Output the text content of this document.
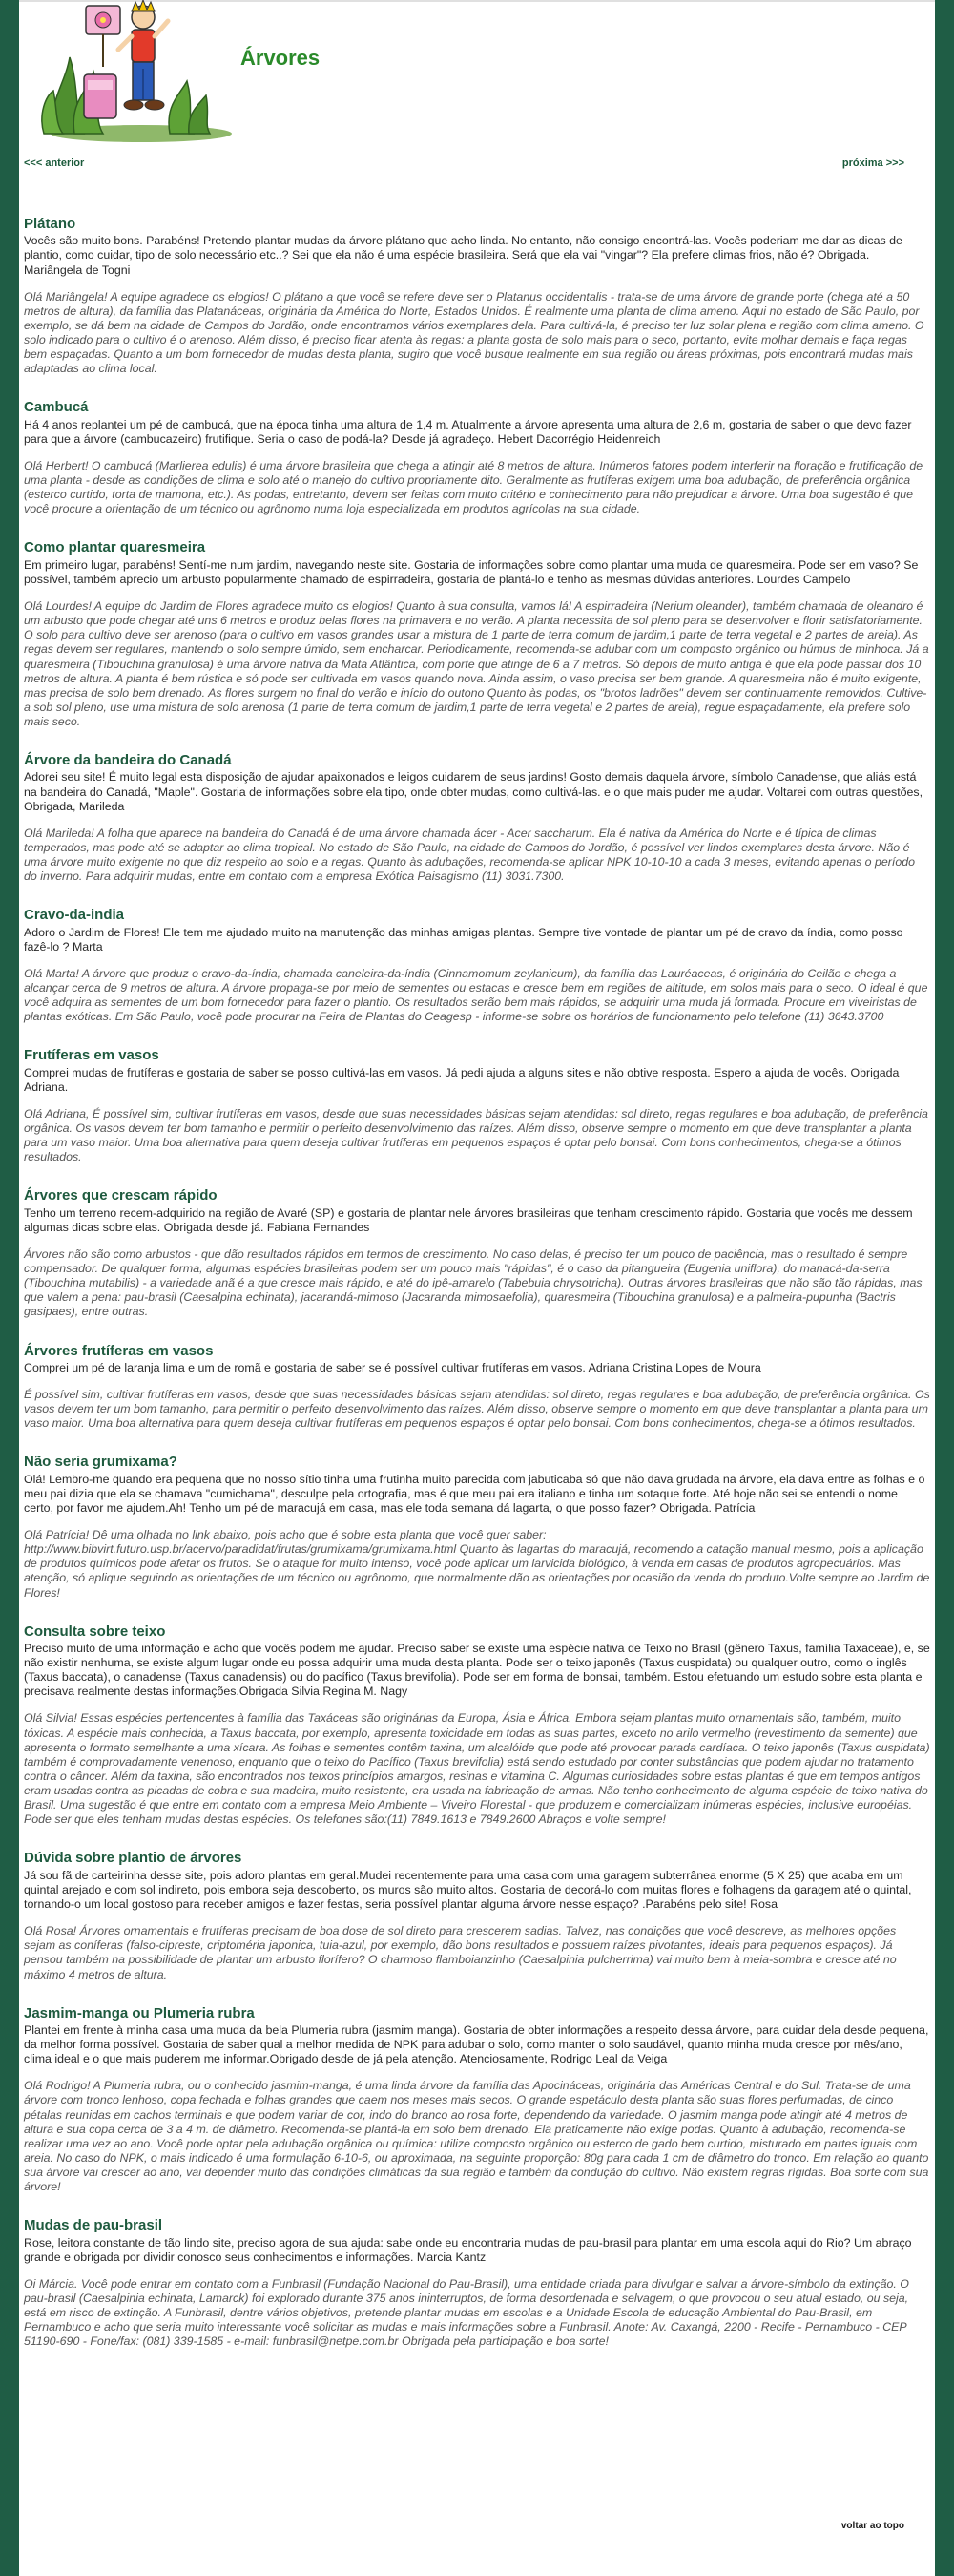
Árvores
<<< anterior	próxima >>>
Plátano

Vocês são muito bons. Parabéns! Pretendo plantar mudas da árvore plátano que acho linda. No entanto, não consigo encontrá-las. Vocês poderiam me dar as dicas de plantio, como cuidar, tipo de solo necessário etc..? Sei que ela não é uma espécie brasileira. Será que ela vai "vingar"? Ela prefere climas frios, não é? Obrigada. Mariângela de Togni

Olá Mariângela! A equipe agradece os elogios! O plátano a que você se refere deve ser o Platanus occidentalis - trata-se de uma árvore de grande porte (chega até a 50 metros de altura), da família das Platanáceas, originária da América do Norte, Estados Unidos. É realmente uma planta de clima ameno. Aqui no estado de São Paulo, por exemplo, se dá bem na cidade de Campos do Jordão, onde encontramos vários exemplares dela. Para cultivá-la, é preciso ter luz solar plena e região com clima ameno. O solo indicado para o cultivo é o arenoso. Além disso, é preciso ficar atenta às regas: a planta gosta de solo mais para o seco, portanto, evite molhar demais e faça regas bem espaçadas. Quanto a um bom fornecedor de mudas desta planta, sugiro que você busque realmente em sua região ou áreas próximas, pois encontrará mudas mais adaptadas ao clima local.

Cambucá

Há 4 anos replantei um pé de cambucá, que na época tinha uma altura de 1,4 m. Atualmente a árvore apresenta uma altura de 2,6 m, gostaria de saber o que devo fazer para que a árvore (cambucazeiro) frutifique. Seria o caso de podá-la? Desde já agradeço. Hebert Dacorrégio Heidenreich

Olá Herbert! O cambucá (Marlierea edulis) é uma árvore brasileira que chega a atingir até 8 metros de altura. Inúmeros fatores podem interferir na floração e frutificação de uma planta - desde as condições de clima e solo até o manejo do cultivo propriamente dito. Geralmente as frutíferas exigem uma boa adubação, de preferência orgânica (esterco curtido, torta de mamona, etc.). As podas, entretanto, devem ser feitas com muito critério e conhecimento para não prejudicar a árvore. Uma boa sugestão é que você procure a orientação de um técnico ou agrônomo numa loja especializada em produtos agrícolas na sua cidade.

Como plantar quaresmeira

Em primeiro lugar, parabéns! Sentí-me num jardim, navegando neste site. Gostaria de informações sobre como plantar uma muda de quaresmeira. Pode ser em vaso? Se possível, também aprecio um arbusto popularmente chamado de espirradeira, gostaria de plantá-lo e tenho as mesmas dúvidas anteriores. Lourdes Campelo

Olá Lourdes! A equipe do Jardim de Flores agradece muito os elogios! Quanto à sua consulta, vamos lá! A espirradeira (Nerium oleander), também chamada de oleandro é um arbusto que pode chegar até uns 6 metros e produz belas flores na primavera e no verão. A planta necessita de sol pleno para se desenvolver e florir satisfatoriamente. O solo para cultivo deve ser arenoso (para o cultivo em vasos grandes usar a mistura de 1 parte de terra comum de jardim,1 parte de terra vegetal e 2 partes de areia). As regas devem ser regulares, mantendo o solo sempre úmido, sem encharcar. Periodicamente, recomenda-se adubar com um composto orgânico ou húmus de minhoca. Já a quaresmeira (Tibouchina granulosa) é uma árvore nativa da Mata Atlântica, com porte que atinge de 6 a 7 metros. Só depois de muito antiga é que ela pode passar dos 10 metros de altura. A planta é bem rústica e só pode ser cultivada em vasos quando nova. Ainda assim, o vaso precisa ser bem grande. A quaresmeira não é muito exigente, mas precisa de solo bem drenado. As flores surgem no final do verão e início do outono Quanto às podas, os "brotos ladrões" devem ser continuamente removidos. Cultive-a sob sol pleno, use uma mistura de solo arenosa (1 parte de terra comum de jardim,1 parte de terra vegetal e 2 partes de areia), regue espaçadamente, ela prefere solo mais seco.

Árvore da bandeira do Canadá

Adorei seu site! É muito legal esta disposição de ajudar apaixonados e leigos cuidarem de seus jardins! Gosto demais daquela árvore, símbolo Canadense, que aliás está na bandeira do Canadá, "Maple". Gostaria de informações sobre ela tipo, onde obter mudas, como cultivá-las. e o que mais puder me ajudar. Voltarei com outras questões, Obrigada, Marileda

Olá Marileda! A folha que aparece na bandeira do Canadá é de uma árvore chamada ácer - Acer saccharum. Ela é nativa da América do Norte e é típica de climas temperados, mas pode até se adaptar ao clima tropical. No estado de São Paulo, na cidade de Campos do Jordão, é possível ver lindos exemplares desta árvore. Não é uma árvore muito exigente no que diz respeito ao solo e a regas. Quanto às adubações, recomenda-se aplicar NPK 10-10-10 a cada 3 meses, evitando apenas o período do inverno. Para adquirir mudas, entre em contato com a empresa Exótica Paisagismo (11) 3031.7300.

Cravo-da-india

Adoro o Jardim de Flores! Ele tem me ajudado muito na manutenção das minhas amigas plantas. Sempre tive vontade de plantar um pé de cravo da índia, como posso fazê-lo ? Marta

Olá Marta! A árvore que produz o cravo-da-índia, chamada caneleira-da-índia (Cinnamomum zeylanicum), da família das Lauréaceas, é originária do Ceilão e chega a alcançar cerca de 9 metros de altura. A árvore propaga-se por meio de sementes ou estacas e cresce bem em regiões de altitude, em solos mais para o seco. O ideal é que você adquira as sementes de um bom fornecedor para fazer o plantio. Os resultados serão bem mais rápidos, se adquirir uma muda já formada. Procure em viveiristas de plantas exóticas. Em São Paulo, você pode procurar na Feira de Plantas do Ceagesp - informe-se sobre os horários de funcionamento pelo telefone (11) 3643.3700

Frutíferas em vasos

Comprei mudas de frutíferas e gostaria de saber se posso cultivá-las em vasos. Já pedi ajuda a alguns sites e não obtive resposta. Espero a ajuda de vocês. Obrigada Adriana.

Olá Adriana, É possível sim, cultivar frutíferas em vasos, desde que suas necessidades básicas sejam atendidas: sol direto, regas regulares e boa adubação, de preferência orgânica. Os vasos devem ter bom tamanho e permitir o perfeito desenvolvimento das raízes. Além disso, observe sempre o momento em que deve transplantar a planta para um vaso maior. Uma boa alternativa para quem deseja cultivar frutíferas em pequenos espaços é optar pelo bonsai. Com bons conhecimentos, chega-se a ótimos resultados.

Árvores que crescam rápido

Tenho um terreno recem-adquirido na região de Avaré (SP) e gostaria de plantar nele árvores brasileiras que tenham crescimento rápido. Gostaria que vocês me dessem algumas dicas sobre elas. Obrigada desde já. Fabiana Fernandes

Árvores não são como arbustos - que dão resultados rápidos em termos de crescimento. No caso delas, é preciso ter um pouco de paciência, mas o resultado é sempre compensador. De qualquer forma, algumas espécies brasileiras podem ser um pouco mais "rápidas", é o caso da pitangueira (Eugenia uniflora), do manacá-da-serra (Tibouchina mutabilis) - a variedade anã é a que cresce mais rápido, e até do ipê-amarelo (Tabebuia chrysotricha). Outras árvores brasileiras que não são tão rápidas, mas que valem a pena: pau-brasil (Caesalpina echinata), jacarandá-mimoso (Jacaranda mimosaefolia), quaresmeira (Tibouchina granulosa) e a palmeira-pupunha (Bactris gasipaes), entre outras.

Árvores frutíferas em vasos

Comprei um pé de laranja lima e um de romã e gostaria de saber se é possível cultivar frutíferas em vasos. Adriana Cristina Lopes de Moura

É possível sim, cultivar frutíferas em vasos, desde que suas necessidades básicas sejam atendidas: sol direto, regas regulares e boa adubação, de preferência orgânica. Os vasos devem ter um bom tamanho, para permitir o perfeito desenvolvimento das raízes. Além disso, observe sempre o momento em que deve transplantar a planta para um vaso maior. Uma boa alternativa para quem deseja cultivar frutíferas em pequenos espaços é optar pelo bonsai. Com bons conhecimentos, chega-se a ótimos resultados.

Não seria grumixama?

Olá! Lembro-me quando era pequena que no nosso sítio tinha uma frutinha muito parecida com jabuticaba só que não dava grudada na árvore, ela dava entre as folhas e o meu pai dizia que ela se chamava "cumichama", desculpe pela ortografia, mas é que meu pai era italiano e tinha um sotaque forte. Até hoje não sei se entendi o nome certo, por favor me ajudem.Ah! Tenho um pé de maracujá em casa, mas ele toda semana dá lagarta, o que posso fazer? Obrigada. Patrícia

Olá Patrícia! Dê uma olhada no link abaixo, pois acho que é sobre esta planta que você quer saber: http://www.bibvirt.futuro.usp.br/acervo/paradidat/frutas/grumixama/grumixama.html Quanto às lagartas do maracujá, recomendo a catação manual mesmo, pois a aplicação de produtos químicos pode afetar os frutos. Se o ataque for muito intenso, você pode aplicar um larvicida biológico, à venda em casas de produtos agropecuários. Mas atenção, só aplique seguindo as orientações de um técnico ou agrônomo, que normalmente dão as orientações por ocasião da venda do produto.Volte sempre ao Jardim de Flores!

Consulta sobre teixo

Preciso muito de uma informação e acho que vocês podem me ajudar. Preciso saber se existe uma espécie nativa de Teixo no Brasil (gênero Taxus, família Taxaceae), e, se não existir nenhuma, se existe algum lugar onde eu possa adquirir uma muda desta planta. Pode ser o teixo japonês (Taxus cuspidata) ou qualquer outro, como o inglês (Taxus baccata), o canadense (Taxus canadensis) ou do pacífico (Taxus brevifolia). Pode ser em forma de bonsai, também. Estou efetuando um estudo sobre esta planta e precisava realmente destas informações.Obrigada Silvia Regina M. Nagy

Olá Silvia! Essas espécies pertencentes à família das Taxáceas são originárias da Europa, Ásia e África. Embora sejam plantas muito ornamentais são, também, muito tóxicas. A espécie mais conhecida, a Taxus baccata, por exemplo, apresenta toxicidade em todas as suas partes, exceto no arilo vermelho (revestimento da semente) que apresenta o formato semelhante a uma xícara. As folhas e sementes contêm taxina, um alcalóide que pode até provocar parada cardíaca. O teixo japonês (Taxus cuspidata) também é comprovadamente venenoso, enquanto que o teixo do Pacífico (Taxus brevifolia) está sendo estudado por conter substâncias que podem ajudar no tratamento contra o câncer. Além da taxina, são encontrados nos teixos princípios amargos, resinas e vitamina C. Algumas curiosidades sobre estas plantas é que em tempos antigos eram usadas contra as picadas de cobra e sua madeira, muito resistente, era usada na fabricação de armas. Não tenho conhecimento de alguma espécie de teixo nativa do Brasil. Uma sugestão é que entre em contato com a empresa Meio Ambiente – Viveiro Florestal - que produzem e comercializam inúmeras espécies, inclusive européias. Pode ser que eles tenham mudas destas espécies. Os telefones são:(11) 7849.1613 e 7849.2600 Abraços e volte sempre!

Dúvida sobre plantio de árvores

Já sou fã de carteirinha desse site, pois adoro plantas em geral.Mudei recentemente para uma casa com uma garagem subterrânea enorme (5 X 25) que acaba em um quintal arejado e com sol indireto, pois embora seja descoberto, os muros são muito altos. Gostaria de decorá-lo com muitas flores e folhagens da garagem até o quintal, tornando-o um local gostoso para receber amigos e fazer festas, seria possível plantar alguma árvore nesse espaço? .Parabéns pelo site! Rosa

Olá Rosa! Árvores ornamentais e frutíferas precisam de boa dose de sol direto para crescerem sadias. Talvez, nas condições que você descreve, as melhores opções sejam as coníferas (falso-cipreste, criptoméria japonica, tuia-azul, por exemplo, dão bons resultados e possuem raízes pivotantes, ideais para pequenos espaços). Já pensou também na possibilidade de plantar um arbusto florífero? O charmoso flamboianzinho (Caesalpinia pulcherrima) vai muito bem à meia-sombra e cresce até no máximo 4 metros de altura.

Jasmim-manga ou Plumeria rubra

Plantei em frente à minha casa uma muda da bela Plumeria rubra (jasmim manga). Gostaria de obter informações a respeito dessa árvore, para cuidar dela desde pequena, da melhor forma possível. Gostaria de saber qual a melhor medida de NPK para adubar o solo, como manter o solo saudável, quanto minha muda cresce por mês/ano, clima ideal e o que mais puderem me informar.Obrigado desde de já pela atenção. Atenciosamente, Rodrigo Leal da Veiga

Olá Rodrigo! A Plumeria rubra, ou o conhecido jasmim-manga, é uma linda árvore da família das Apocináceas, originária das Américas Central e do Sul. Trata-se de uma árvore com tronco lenhoso, copa fechada e folhas grandes que caem nos meses mais secos. O grande espetáculo desta planta são suas flores perfumadas, de cinco pétalas reunidas em cachos terminais e que podem variar de cor, indo do branco ao rosa forte, dependendo da variedade. O jasmim manga pode atingir até 4 metros de altura e sua copa cerca de 3 a 4 m. de diâmetro. Recomenda-se plantá-la em solo bem drenado. Ela praticamente não exige podas. Quanto à adubação, recomenda-se realizar uma vez ao ano. Você pode optar pela adubação orgânica ou química: utilize composto orgânico ou esterco de gado bem curtido, misturado em partes iguais com areia. No caso do NPK, o mais indicado é uma formulação 6-10-6, ou aproximada, na seguinte proporção: 80g para cada 1 cm de diâmetro do tronco. Em relação ao quanto sua árvore vai crescer ao ano, vai depender muito das condições climáticas da sua região e também da condução do cultivo. Não existem regras rígidas. Boa sorte com sua árvore!

Mudas de pau-brasil

Rose, leitora constante de tão lindo site, preciso agora de sua ajuda: sabe onde eu encontraria mudas de pau-brasil para plantar em uma escola aqui do Rio? Um abraço grande e obrigada por dividir conosco seus conhecimentos e informações. Marcia Kantz

Oi Márcia. Você pode entrar em contato com a Funbrasil (Fundação Nacional do Pau-Brasil), uma entidade criada para divulgar e salvar a árvore-símbolo da extinção. O pau-brasil (Caesalpinia echinata, Lamarck) foi explorado durante 375 anos ininterruptos, de forma desordenada e selvagem, o que provocou o seu atual estado, ou seja, está em risco de extinção. A Funbrasil, dentre vários objetivos, pretende plantar mudas em escolas e a Unidade Escola de educação Ambiental do Pau-Brasil, em Pernambuco e acho que seria muito interessante você solicitar as mudas e mais informações sobre a Funbrasil. Anote: Av. Caxangá, 2200 - Recife - Pernambuco - CEP 51190-690 - Fone/fax: (081) 339-1585 - e-mail: funbrasil@netpe.com.br Obrigada pela participação e boa sorte!

voltar ao topo
